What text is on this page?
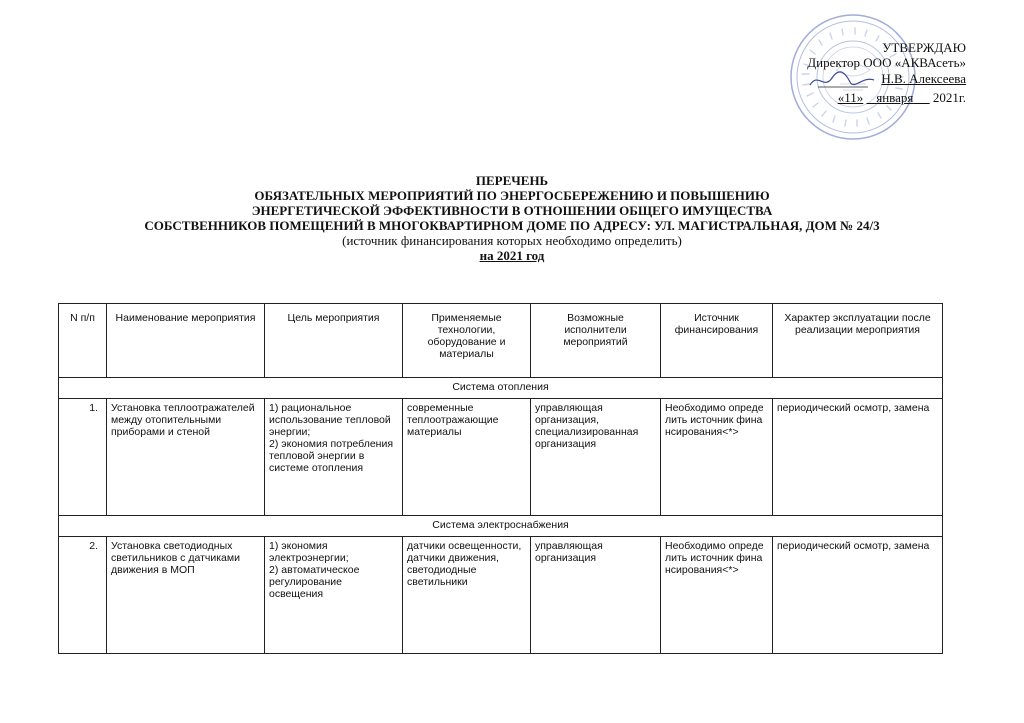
УТВЕРЖДАЮ
Директор ООО «АКВАсеть»
Н.В. Алексеева
«11» января 2021г.
ПЕРЕЧЕНЬ
ОБЯЗАТЕЛЬНЫХ МЕРОПРИЯТИЙ ПО ЭНЕРГОСБЕРЕЖЕНИЮ И ПОВЫШЕНИЮ
ЭНЕРГЕТИЧЕСКОЙ ЭФФЕКТИВНОСТИ В ОТНОШЕНИИ ОБЩЕГО ИМУЩЕСТВА
СОБСТВЕННИКОВ ПОМЕЩЕНИЙ В МНОГОКВАРТИРНОМ ДОМЕ ПО АДРЕСУ: УЛ. МАГИСТРАЛЬНАЯ, ДОМ № 24/3
(источник финансирования которых необходимо определить)
на 2021 год
N п/п	Наименование мероприятия	Цель мероприятия	Применяемые технологии, оборудование и материалы	Возможные исполнители мероприятий	Источник финансирования	Характер эксплуатации после реализации мероприятия
Система отопления						
1.	Установка теплоотражателей между отопительными приборами и стеной	1) рациональное использование тепловой энергии;
2) экономия потребления тепловой энергии в системе отопления	современные теплоотражающие материалы	управляющая организация, специализированная организация	Необходимо определить источник финансирования<*>	периодический осмотр, замена
Система электроснабжения						
2.	Установка светодиодных светильников с датчиками движения в МОП	1) экономия электроэнергии;
2) автоматическое регулирование освещения	датчики освещенности, датчики движения, светодиодные светильники	управляющая организация	Необходимо определить источник финансирования<*>	периодический осмотр, замена
